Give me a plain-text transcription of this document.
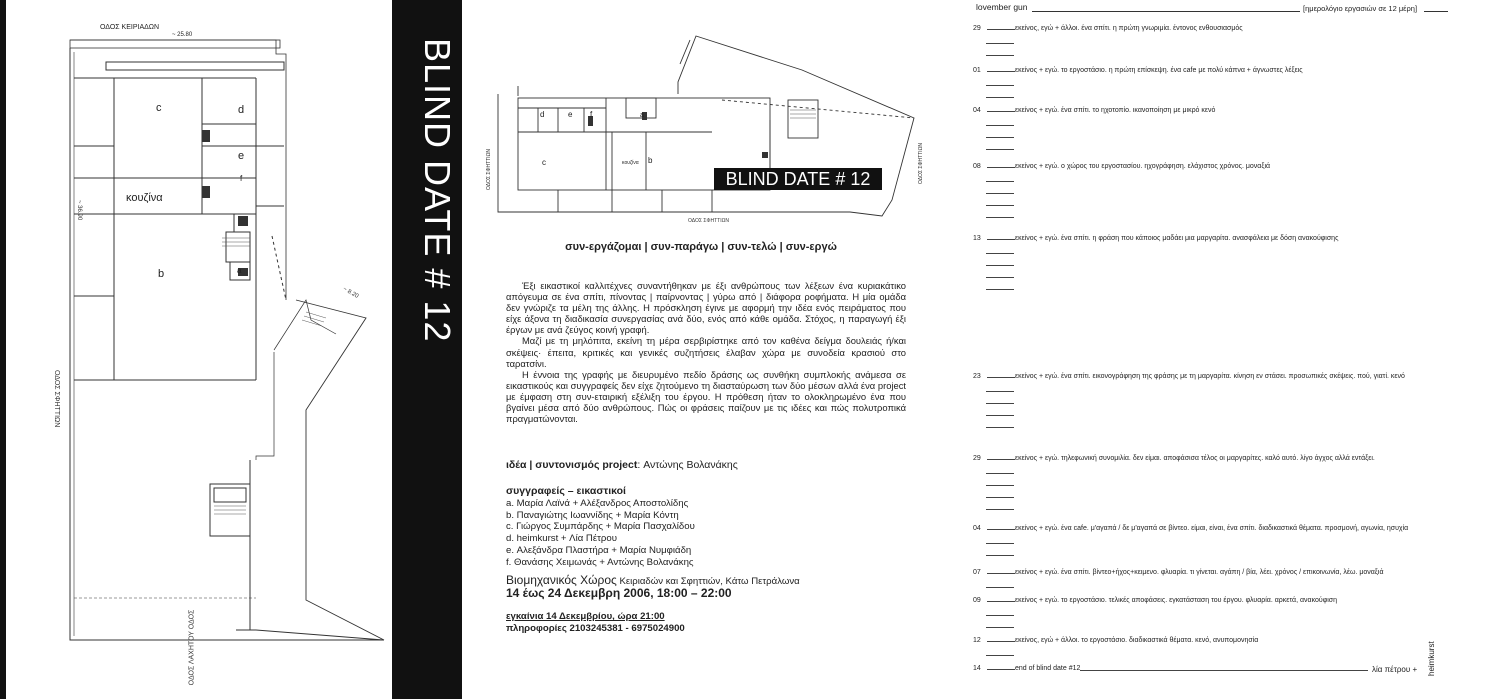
ΟΔΟΣ ΚΕΙΡΙΑΔΩΝ
~ 25.80
ΟΔΟΣ ΣΦΗΤΤΙΩΝ
~ 36.90
~ 8.20
ΟΔΟΣ ΛΑΧΗΤΟΥ ΟΔΟΣ
c	d
e
f
κουζίνα
b	a	BLIND DATE # 12	d	e f	a
c	κουζίνα b
ΟΔΟΣ ΣΦΗΤΤΙΩΝ
ΟΔΟΣ ΣΦΗΤΤΙΩΝ
ΟΔΟΣ ΣΦΗΤΤΙΩΝ
BLIND DATE # 12
συν-εργάζομαι | συν-παράγω | συν-τελώ | συν-εργώ

Έξι εικαστικοί καλλιτέχνες συναντήθηκαν με έξι ανθρώπους των λέξεων ένα κυριακάτικο απόγευμα σε ένα σπίτι, πίνοντας | παίρνοντας | γύρω από | διάφορα ροφήματα. Η μία ομάδα δεν γνώριζε τα μέλη της άλλης. Η πρόσκληση έγινε με αφορμή την ιδέα ενός πειράματος που είχε άξονα τη διαδικασία συνεργασίας ανά δύο, ενός από κάθε ομάδα. Στόχος, η παραγωγή έξι έργων με ανά ζεύγος κοινή γραφή.

Μαζί με τη μηλόπιτα, εκείνη τη μέρα σερβιρίστηκε από τον καθένα δείγμα δουλειάς ή/και σκέψεις· έπειτα, κριτικές και γενικές συζητήσεις έλαβαν χώρα με συνοδεία κρασιού στο ταρατσίνι.

Η έννοια της γραφής με διευρυμένο πεδίο δράσης ως συνθήκη συμπλοκής ανάμεσα σε εικαστικούς και συγγραφείς δεν είχε ζητούμενο τη διασταύρωση των δύο μέσων αλλά ένα project με έμφαση στη συν-εταιρική εξέλιξη του έργου. Η πρόθεση ήταν το ολοκληρωμένο ένα που βγαίνει μέσα από δύο ανθρώπους. Πώς οι φράσεις παίζουν με τις ιδέες και πώς πολυτροπικά πραγματώνονται.

ιδέα | συντονισμός project: Αντώνης Βολανάκης
συγγραφείς – εικαστικοί
a. Μαρία Λαϊνά + Αλέξανδρος Αποστολίδης
b. Παναγιώτης Ιωαννίδης + Μαρία Κόντη
c. Γιώργος Συμπάρδης + Μαρία Πασχαλίδου
d. heimkurst + Λία Πέτρου
e. Αλεξάνδρα Πλαστήρα + Μαρία Νυμφιάδη
f. Θανάσης Χειμωνάς + Αντώνης Βολανάκης
Βιομηχανικός Χώρος Κειριαδών και Σφηττιών, Κάτω Πετράλωνα
14 έως 24 Δεκεμβρη 2006, 18:00 – 22:00
εγκαίνια 14 Δεκεμβρίου, ώρα 21:00
πληροφορίες 2103245381 - 6975024900
lovember gun	[ημερολόγιο εργασιών σε 12 μέρη]
29	εκείνος, εγώ + άλλοι. ένα σπίτι. η πρώτη γνωριμία. έντονος ενθουσιασμός
01	εκείνος + εγώ. το εργοστάσιο. η πρώτη επίσκεψη. ένα cafe με πολύ κάπνα + άγνωστες λέξεις
04	εκείνος + εγώ. ένα σπίτι. το ηχοτοπίο. ικανοποίηση με μικρό κενό
08	εκείνος + εγώ. ο χώρος του εργοστασίου. ηχογράφηση. ελάχιστος χρόνος. μοναξιά
13	εκείνος + εγώ. ένα σπίτι. η φράση που κάποιος μαδάει μια μαργαρίτα. ανασφάλεια με δόση ανακούφισης
23	εκείνος + εγώ. ένα σπίτι. εικονογράφηση της φράσης με τη μαργαρίτα. κίνηση εν στάσει. προσωπικές σκέψεις. πού, γιατί. κενό
29	εκείνος + εγώ. τηλεφωνική συνομιλία. δεν είμαι. αποφάσισα τέλος οι μαργαρίτες. καλό αυτό. λίγο άγχος αλλά εντάξει.
04	εκείνος + εγώ. ένα cafe. μ'αγαπά / δε μ'αγαπά σε βίντεο. είμαι, είναι, ένα σπίτι. διαδικαστικά θέματα. προσμονή, αγωνία, ησυχία
07	εκείνος + εγώ. ένα σπίτι. βίντεο+ήχος+κειμενο. φλυαρία. τι γίνεται. αγάπη / βία, λέει. χρόνος / επικοινωνία, λέω. μοναξιά
09	εκείνος + εγώ. το εργοστάσιο. τελικές αποφάσεις. εγκατάσταση του έργου. φλυαρία. αρκετά, ανακούφιση
12	εκείνος, εγώ + άλλοι. το εργοστάσιο. διαδικαστικά θέματα. κενό, ανυπομονησία
14	end of blind date #12	λία πέτρου + heimkurst
